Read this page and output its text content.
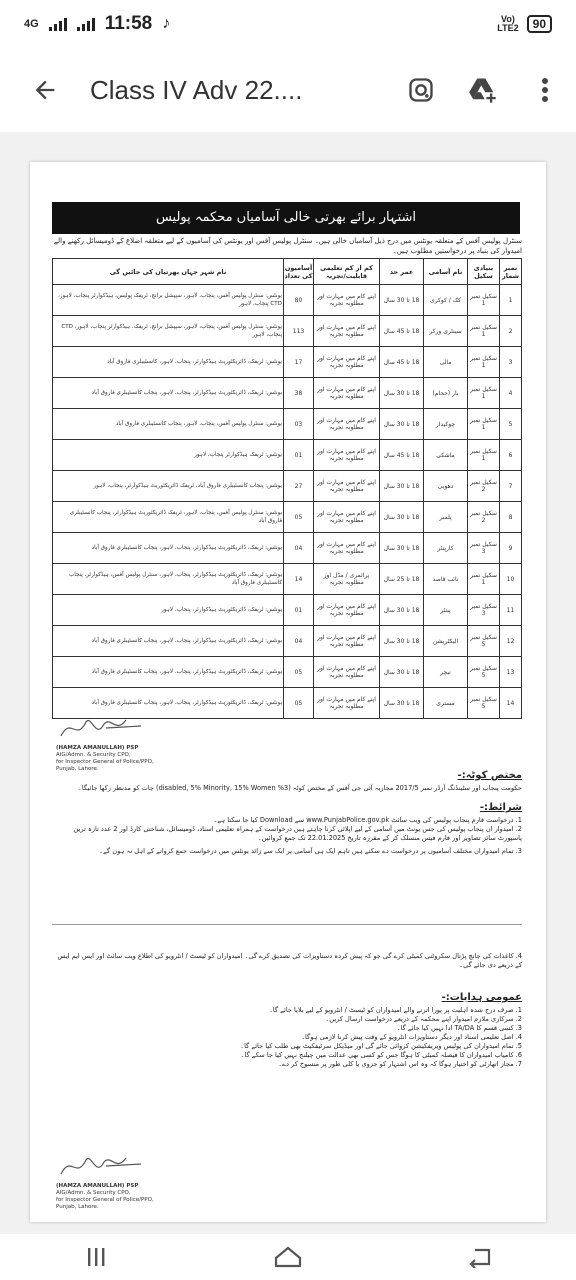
4G	11:58 ♪	Vo)
LTE2	90
Class IV Adv 22....
اشتہار برائے بھرتی خالی آسامیاں محکمہ پولیس
سنٹرل پولیس آفس کے متعلقہ یونٹس میں درج ذیل آسامیاں خالی ہیں۔ سنٹرل پولیس آفس اور یونٹس کی آسامیوں کے لیے متعلقہ اضلاع کے ڈومیسائل رکھنے والے امیدوار کی بنیاد پر درخواستیں مطلوب ہیں۔
نمبر شمار	بنیادی سکیل	نام آسامی	عمر حد	کم از کم تعلیمی قابلیت/تجربہ	آسامیوں کی تعداد	نام شہر جہاں بھرتیاں کی جائیں گی
1	سکیل نمبر 1	کک / کوکری	18 تا 30 سال	اپنے کام میں مہارت اور مطلوبہ تجربہ	80	یونٹس: سنٹرل پولیس آفس، پنجاب، لاہور، سپیشل برانچ، ٹریفک پولیس، ہیڈکوارٹر پنجاب، لاہور، CTD پنجاب، لاہور
2	سکیل نمبر 1	سینٹری ورکر	18 تا 45 سال	اپنے کام میں مہارت اور مطلوبہ تجربہ	113	یونٹس: سنٹرل پولیس آفس، پنجاب، لاہور، سپیشل برانچ، ٹریفک، ہیڈکوارٹر پنجاب، لاہور، CTD پنجاب، لاہور
3	سکیل نمبر 1	مالی	18 تا 45 سال	اپنے کام میں مہارت اور مطلوبہ تجربہ	17	یونٹس: ٹریفک، ڈائریکٹوریٹ ہیڈکوارٹر، پنجاب، لاہور، کانسٹیبلری فاروق آباد
4	سکیل نمبر 1	بار (حجام)	18 تا 30 سال	اپنے کام میں مہارت اور مطلوبہ تجربہ	38	یونٹس: ٹریفک، ڈائریکٹوریٹ ہیڈکوارٹر، پنجاب، لاہور، پنجاب کانسٹیبلری فاروق آباد
5	سکیل نمبر 1	چوکیدار	18 تا 30 سال	اپنے کام میں مہارت اور مطلوبہ تجربہ	03	یونٹس: سنٹرل پولیس آفس، پنجاب، لاہور، پنجاب کانسٹیبلری فاروق آباد
6	سکیل نمبر 1	ماشکی	18 تا 45 سال	اپنے کام میں مہارت اور مطلوبہ تجربہ	01	یونٹس: ٹریفک ہیڈکوارٹر پنجاب، لاہور
7	سکیل نمبر 2	دھوبی	18 تا 30 سال	اپنے کام میں مہارت اور مطلوبہ تجربہ	27	یونٹس: پنجاب کانسٹیبلری فاروق آباد، ٹریفک ڈائریکٹوریٹ ہیڈکوارٹر، پنجاب، لاہور
8	سکیل نمبر 2	پلمبر	18 تا 30 سال	اپنے کام میں مہارت اور مطلوبہ تجربہ	05	یونٹس: سنٹرل پولیس آفس، پنجاب، لاہور، ٹریفک ڈائریکٹوریٹ ہیڈکوارٹر، پنجاب کانسٹیبلری فاروق آباد
9	سکیل نمبر 3	کارپنٹر	18 تا 30 سال	اپنے کام میں مہارت اور مطلوبہ تجربہ	04	یونٹس: ٹریفک، ڈائریکٹوریٹ ہیڈکوارٹر، پنجاب، لاہور، پنجاب کانسٹیبلری فاروق آباد
10	سکیل نمبر 1	نائب قاصد	18 تا 25 سال	پرائمری / مڈل اور مطلوبہ تجربہ	14	یونٹس: ٹریفک، ڈائریکٹوریٹ ہیڈکوارٹر، پنجاب، لاہور، سنٹرل پولیس آفس، ہیڈکوارٹر، پنجاب کانسٹیبلری فاروق آباد
11	سکیل نمبر 3	پینٹر	18 تا 30 سال	اپنے کام میں مہارت اور مطلوبہ تجربہ	01	یونٹس: ٹریفک، ڈائریکٹوریٹ ہیڈکوارٹر، پنجاب، لاہور
12	سکیل نمبر 5	الیکٹریشن	18 تا 30 سال	اپنے کام میں مہارت اور مطلوبہ تجربہ	04	یونٹس: ٹریفک، ڈائریکٹوریٹ ہیڈکوارٹر، پنجاب، لاہور، پنجاب کانسٹیبلری فاروق آباد
13	سکیل نمبر 5	نیچر	18 تا 30 سال	اپنے کام میں مہارت اور مطلوبہ تجربہ	05	یونٹس: ٹریفک، ڈائریکٹوریٹ ہیڈکوارٹر، پنجاب، لاہور، پنجاب کانسٹیبلری فاروق آباد
14	سکیل نمبر 5	مستری	18 تا 30 سال	اپنے کام میں مہارت اور مطلوبہ تجربہ	05	یونٹس: ٹریفک، ڈائریکٹوریٹ ہیڈکوارٹر، پنجاب، لاہور، پنجاب کانسٹیبلری فاروق آباد
(HAMZA AMANULLAH) PSP
AIG/Admn. & Security CPO,
for Inspector General of Police/PPO,
Punjab, Lahore.
مختص کوٹہ:-
حکومت پنجاب اور سٹینڈنگ آرڈر نمبر 2017/5 مجاریہ آئی جی آفس کے مختص کوٹہ (3% disabled, 5% Minority, 15% Women) جات کو مدنظر رکھا جائیگا۔
شرائط:-
1. درخواست فارم پنجاب پولیس کی ویب سائٹ www.PunjabPolice.gov.pk سے Download کیا جا سکتا ہے۔
2. امیدوار ان پنجاب پولیس کی جس یونٹ میں آسامی کے لیے اپلائی کرنا چاہتے ہیں درخواست کے ہمراہ تعلیمی اسناد، ڈومیسائل، شناختی کارڈ اور 2 عدد تازہ ترین پاسپورٹ سائز تصاویر اور فارم فیس منسلک کر کے مقررہ تاریخ 22.01.2025 تک جمع کروائیں۔
3. تمام امیدواران مختلف آسامیوں پر درخواست دے سکتے ہیں تاہم ایک ہی آسامی پر ایک سے زائد یونٹس میں درخواست جمع کروانے کے اہل نہ ہوں گے۔
4. کاغذات کی جانچ پڑتال سکروٹنی کمیٹی کرے گی جو کہ پیش کردہ دستاویزات کی تصدیق کرے گی۔ امیدواران کو ٹیسٹ / انٹرویو کی اطلاع ویب سائٹ اور ایس ایم ایس کے ذریعے دی جائے گی۔
عمومی ہدایات:-
1. صرف درج شدہ اہلیت پر پورا اترنے والے امیدواران کو ٹیسٹ / انٹرویو کے لیے بلایا جائے گا۔
2. سرکاری ملازم امیدوار اپنے محکمہ کے ذریعے درخواست ارسال کریں۔
3. کسی قسم کا TA/DA ادا نہیں کیا جائے گا۔
4. اصل تعلیمی اسناد اور دیگر دستاویزات انٹرویو کے وقت پیش کرنا لازمی ہوگا۔
5. تمام امیدواران کی پولیس ویریفکیشن کروائی جائے گی اور میڈیکل سرٹیفکیٹ بھی طلب کیا جائے گا۔
6. کامیاب امیدواران کا فیصلہ کمیٹی کا ہوگا جس کو کسی بھی عدالت میں چیلنج نہیں کیا جا سکے گا۔
7. مجاز اتھارٹی کو اختیار ہوگا کہ وہ اس اشتہار کو جزوی یا کلی طور پر منسوخ کر دے۔
(HAMZA AMANULLAH) PSP
AIG/Admn. & Security CPO,
for Inspector General of Police/PPO,
Punjab, Lahore.
